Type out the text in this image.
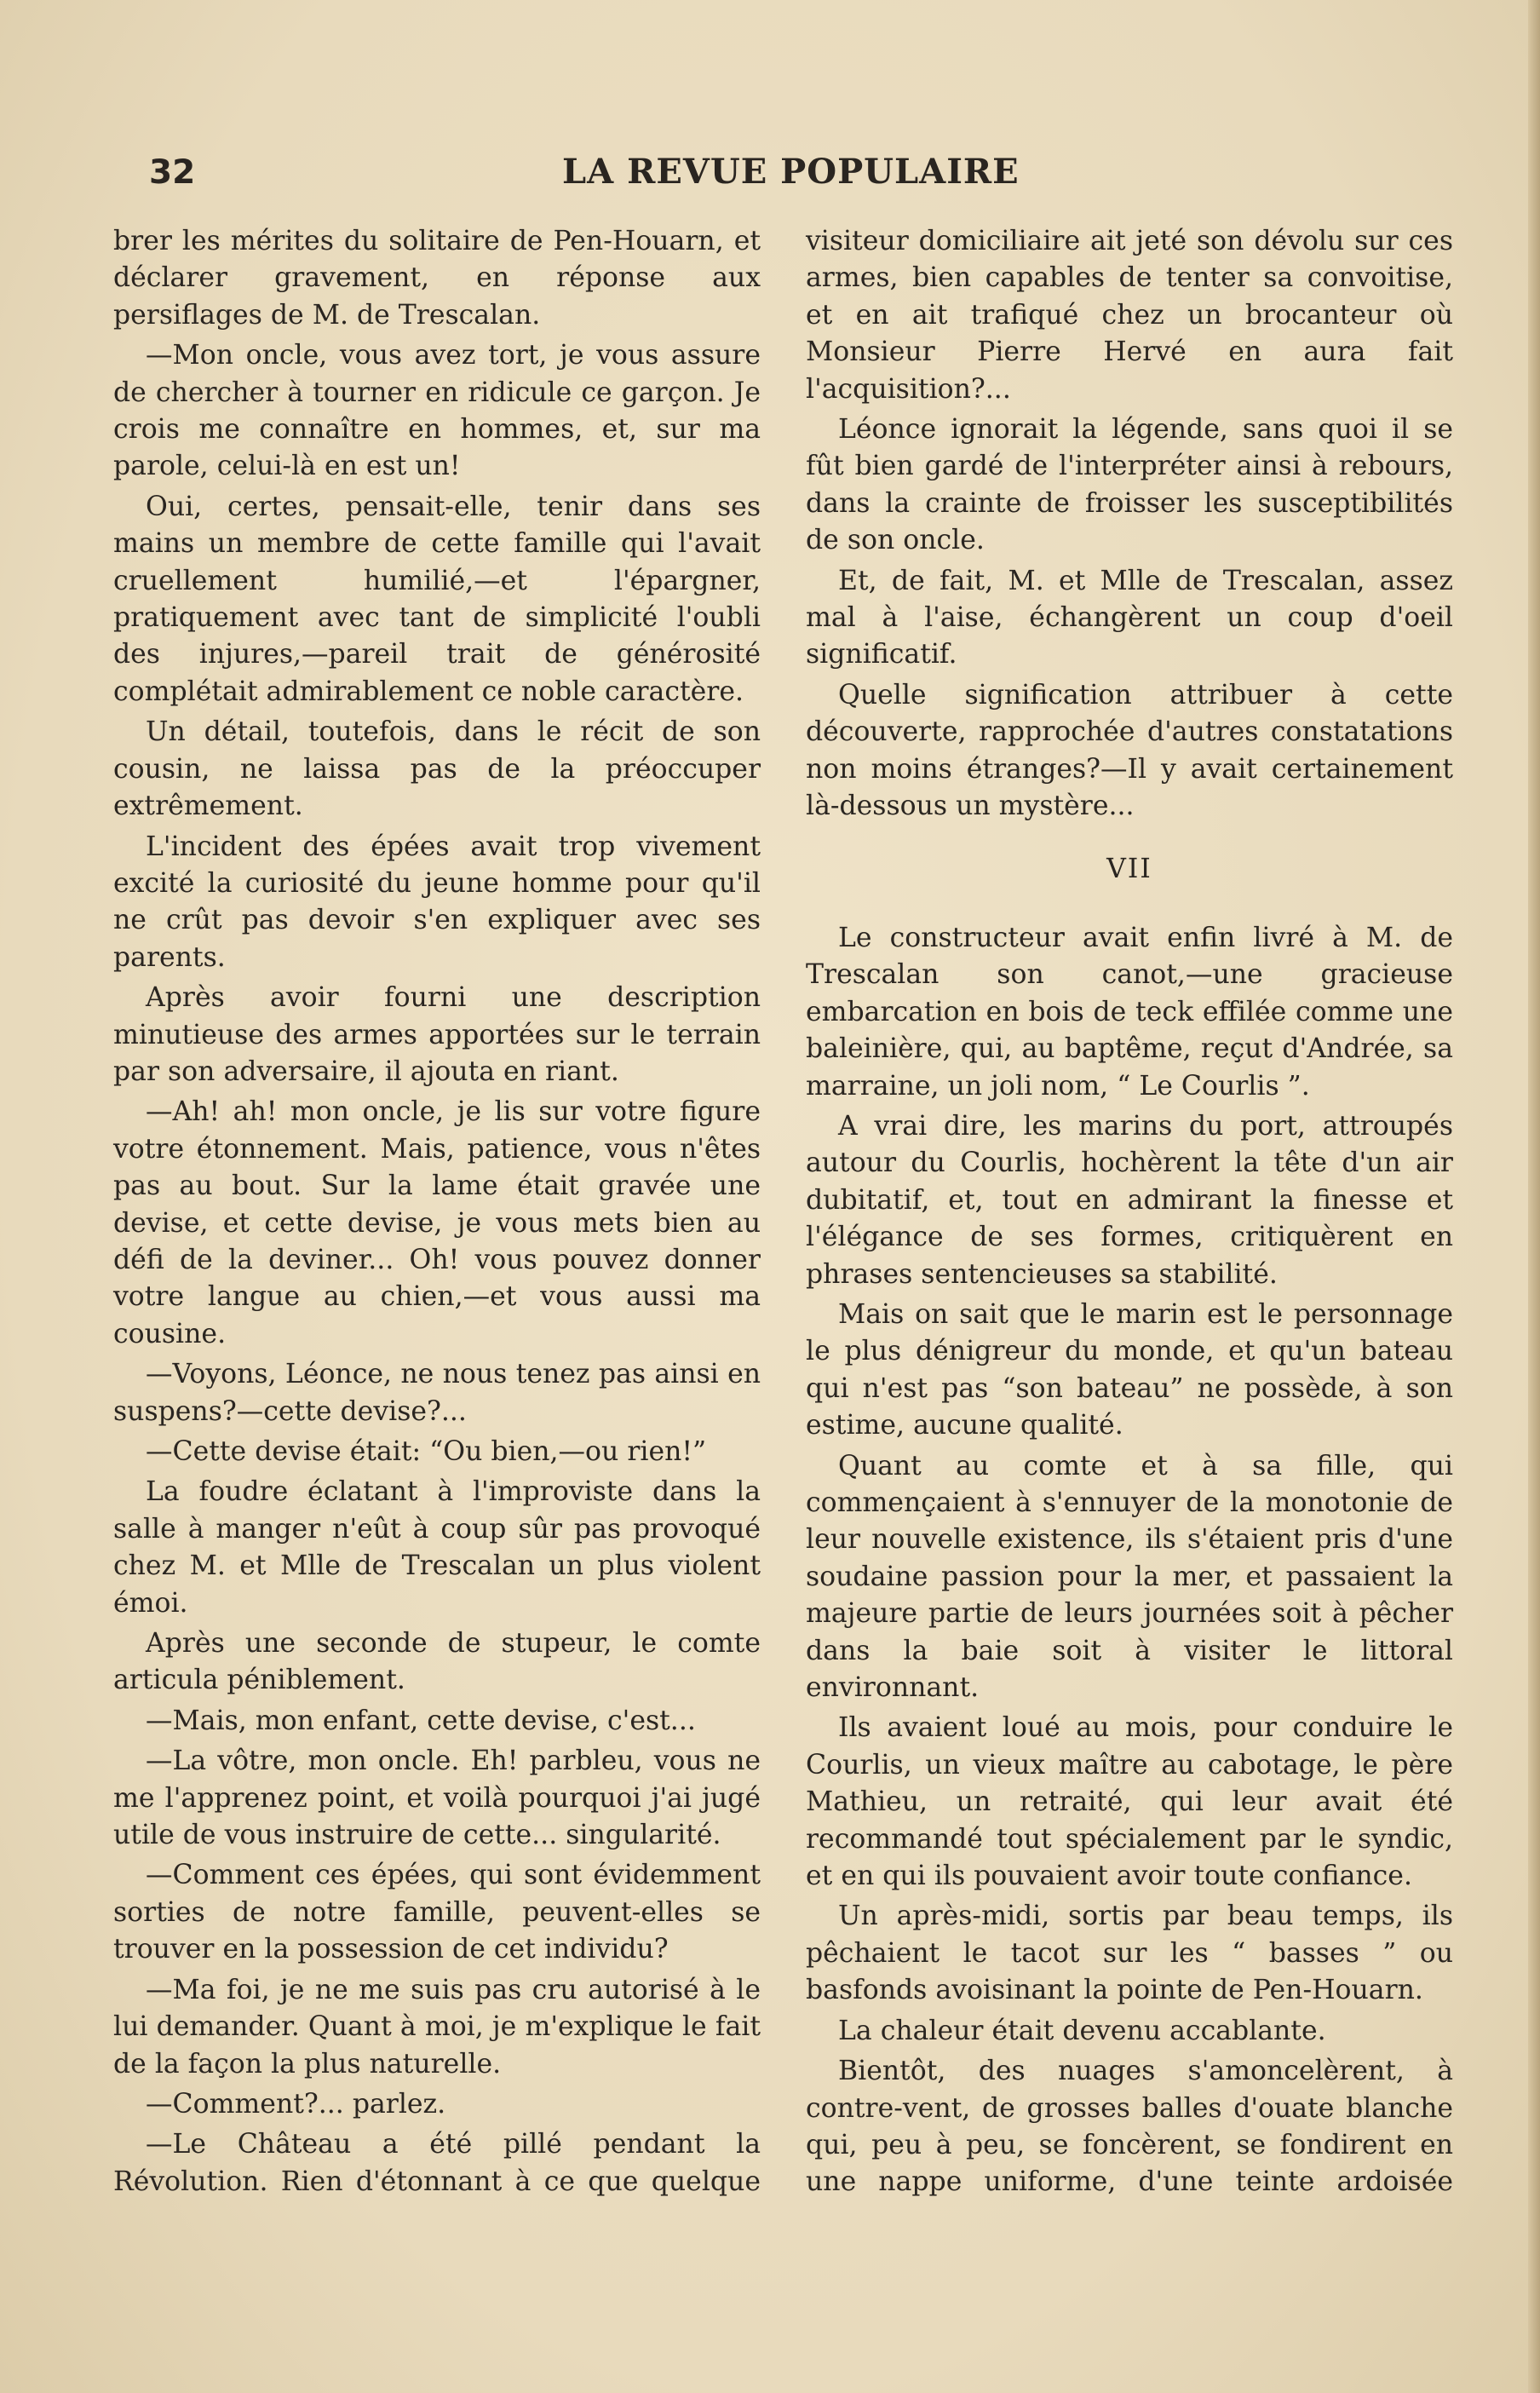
32	LA REVUE POPULAIRE

brer les mérites du solitaire de Pen-Houarn, et déclarer gravement, en réponse aux persiflages de M. de Trescalan.

—Mon oncle, vous avez tort, je vous assure de chercher à tourner en ridicule ce garçon. Je crois me connaître en hommes, et, sur ma parole, celui-là en est un!

Oui, certes, pensait-elle, tenir dans ses mains un membre de cette famille qui l'avait cruellement humilié,—et l'épargner, pratiquement avec tant de simplicité l'oubli des injures,—pareil trait de générosité complétait admirablement ce noble caractère.

Un détail, toutefois, dans le récit de son cousin, ne laissa pas de la préoccuper extrêmement.

L'incident des épées avait trop vivement excité la curiosité du jeune homme pour qu'il ne crût pas devoir s'en expliquer avec ses parents.

Après avoir fourni une description minutieuse des armes apportées sur le terrain par son adversaire, il ajouta en riant.

—Ah! ah! mon oncle, je lis sur votre figure votre étonnement. Mais, patience, vous n'êtes pas au bout. Sur la lame était gravée une devise, et cette devise, je vous mets bien au défi de la deviner... Oh! vous pouvez donner votre langue au chien,—et vous aussi ma cousine.

—Voyons, Léonce, ne nous tenez pas ainsi en suspens?—cette devise?...

—Cette devise était: “Ou bien,—ou rien!”

La foudre éclatant à l'improviste dans la salle à manger n'eût à coup sûr pas provoqué chez M. et Mlle de Trescalan un plus violent émoi.

Après une seconde de stupeur, le comte articula péniblement.

—Mais, mon enfant, cette devise, c'est...

—La vôtre, mon oncle. Eh! parbleu, vous ne me l'apprenez point, et voilà pourquoi j'ai jugé utile de vous instruire de cette... singularité.

—Comment ces épées, qui sont évidemment sorties de notre famille, peuvent-elles se trouver en la possession de cet individu?

—Ma foi, je ne me suis pas cru autorisé à le lui demander. Quant à moi, je m'explique le fait de la façon la plus naturelle.

—Comment?... parlez.

—Le Château a été pillé pendant la Révolution. Rien d'étonnant à ce que quelque

visiteur domiciliaire ait jeté son dévolu sur ces armes, bien capables de tenter sa convoitise, et en ait trafiqué chez un brocanteur où Monsieur Pierre Hervé en aura fait l'acquisition?...

Léonce ignorait la légende, sans quoi il se fût bien gardé de l'interpréter ainsi à rebours, dans la crainte de froisser les susceptibilités de son oncle.

Et, de fait, M. et Mlle de Trescalan, assez mal à l'aise, échangèrent un coup d'oeil significatif.

Quelle signification attribuer à cette découverte, rapprochée d'autres constatations non moins étranges?—Il y avait certainement là-dessous un mystère...

VII

Le constructeur avait enfin livré à M. de Trescalan son canot,—une gracieuse embarcation en bois de teck effilée comme une baleinière, qui, au baptême, reçut d'Andrée, sa marraine, un joli nom, “ Le Courlis ”.

A vrai dire, les marins du port, attroupés autour du Courlis, hochèrent la tête d'un air dubitatif, et, tout en admirant la finesse et l'élégance de ses formes, critiquèrent en phrases sentencieuses sa stabilité.

Mais on sait que le marin est le personnage le plus dénigreur du monde, et qu'un bateau qui n'est pas “son bateau” ne possède, à son estime, aucune qualité.

Quant au comte et à sa fille, qui commençaient à s'ennuyer de la monotonie de leur nouvelle existence, ils s'étaient pris d'une soudaine passion pour la mer, et passaient la majeure partie de leurs journées soit à pêcher dans la baie soit à visiter le littoral environnant.

Ils avaient loué au mois, pour conduire le Courlis, un vieux maître au cabotage, le père Mathieu, un retraité, qui leur avait été recommandé tout spécialement par le syndic, et en qui ils pouvaient avoir toute confiance.

Un après-midi, sortis par beau temps, ils pêchaient le tacot sur les “ basses ” ou basfonds avoisinant la pointe de Pen-Houarn.

La chaleur était devenu accablante.

Bientôt, des nuages s'amoncelèrent, à contre-vent, de grosses balles d'ouate blanche qui, peu à peu, se foncèrent, se fondirent en une nappe uniforme, d'une teinte ardoisée
